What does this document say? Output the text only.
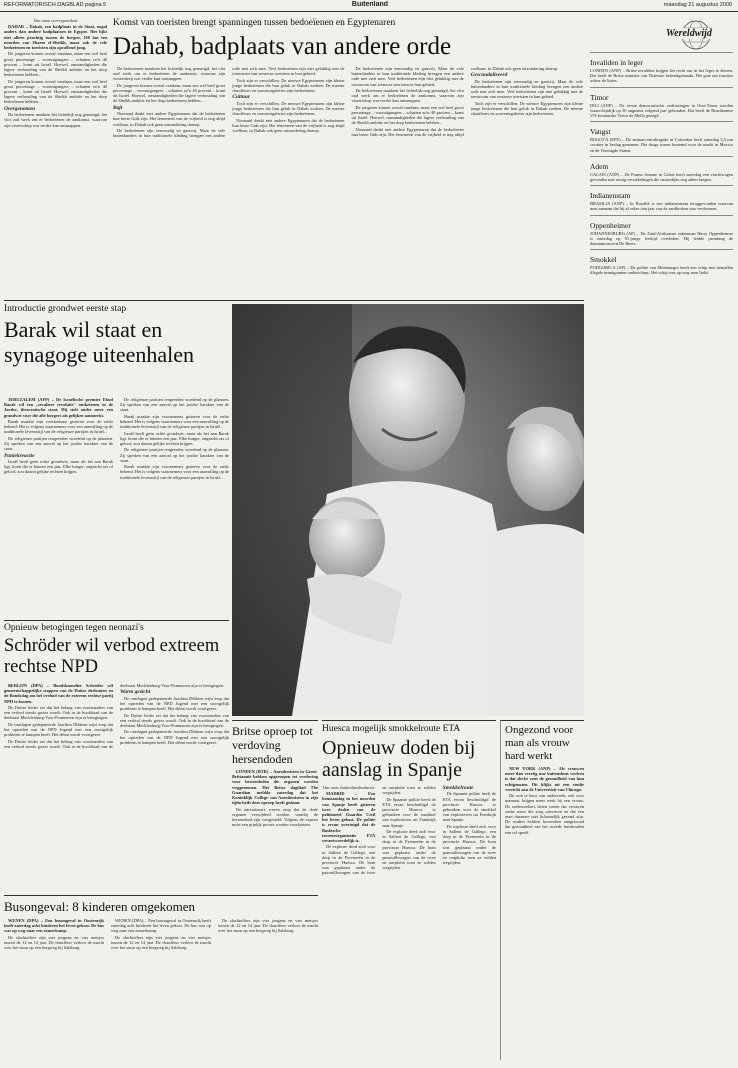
REFORMATORISCH DAGBLAD pagina 5	Buitenland	maandag 21 augustus 2000
Van onze correspondent

DAHAB – Dahab, een badplaats in de Sinaï, nogal anders dan andere badplaatsen in Egypte. Het lijkt niet alleen prachtig tussen de bergen, 100 km ten noorden van Sharm el-Sheikh, maar ook de vele bedoeïenen en toeristen zijn opvallend jong.

De jongeren komen overal vandaan, maar een wel heel groot percentage – vooruitgangers – schatten zo'n 40 procent – komt uit Israël. Hoewel, omstandigheden die lagere verhouding van de Sheikh ambitie en het dorp bedoeïenen hebben...

De jongeren komen overal vandaan, maar een wel heel groot percentage – vooruitgangers – schatten zo'n 40 procent – komt uit Israël. Hoewel, omstandigheden die lagere verhouding van de Sheikh ambitie en het dorp bedoeïenen hebben...

Overgenomen

De bedoeïenen maakten het lichtelijk nog gematigd, het vlot oud werk om er bedoeïenen de aankomst, waarvan zijn vissersdorp wat verder kan ontsnappen.

Komst van toeristen brengt spanningen tussen bedoeïenen en Egyptenaren
Dahab, badplaats van andere orde

De bedoeïenen maakten het lichtelijk nog gematigd, het vlot oud werk om er bedoeïenen de aankomst, waarvan zijn vissersdorp wat verder kan ontsnappen.

De jongeren komen overal vandaan, maar een wel heel groot percentage – vooruitgangers – schatten zo'n 40 procent – komt uit Israël. Hoewel, omstandigheden die lagere verhouding van de Sheikh ambitie en het dorp bedoeïenen hebben...

Bajt

Niemand denkt met andere Egyptenaren dat de bedoeïenen hun beste Gids zijn. Het fenomeen van de vrijheid is nog altijd voelbaar, in Dahab ook geen uitzondering daarop.

De bedoeïenen zijn eenvoudig en gastvrij. Maar de vele buitenlanders in hun traditionele kleding brengen een andere orde met zich mee. Veel bedoeïenen zijn niet gelukkig met de toestroom van westerse toeristen in hun gebied.

Toch zijn er verschillen. De nieuwe Egyptenaren zijn kleine jonge bedoeïenen die hun geluk in Dahab zoeken. De meeste chauffeurs en souvenirgaleries zijn bedoeïenen.

Cultuur

Toch zijn er verschillen. De nieuwe Egyptenaren zijn kleine jonge bedoeïenen die hun geluk in Dahab zoeken. De meeste chauffeurs en souvenirgaleries zijn bedoeïenen.

Niemand denkt met andere Egyptenaren dat de bedoeïenen hun beste Gids zijn. Het fenomeen van de vrijheid is nog altijd voelbaar, in Dahab ook geen uitzondering daarop.

De bedoeïenen zijn eenvoudig en gastvrij. Maar de vele buitenlanders in hun traditionele kleding brengen een andere orde met zich mee. Veel bedoeïenen zijn niet gelukkig met de toestroom van westerse toeristen in hun gebied.

De bedoeïenen maakten het lichtelijk nog gematigd, het vlot oud werk om er bedoeïenen de aankomst, waarvan zijn vissersdorp wat verder kan ontsnappen.

De jongeren komen overal vandaan, maar een wel heel groot percentage – vooruitgangers – schatten zo'n 40 procent – komt uit Israël. Hoewel, omstandigheden die lagere verhouding van de Sheikh ambitie en het dorp bedoeïenen hebben...

Niemand denkt met andere Egyptenaren dat de bedoeïenen hun beste Gids zijn. Het fenomeen van de vrijheid is nog altijd voelbaar, in Dahab ook geen uitzondering daarop.

Gescandaliseerd

De bedoeïenen zijn eenvoudig en gastvrij. Maar de vele buitenlanders in hun traditionele kleding brengen een andere orde met zich mee. Veel bedoeïenen zijn niet gelukkig met de toestroom van westerse toeristen in hun gebied.

Toch zijn er verschillen. De nieuwe Egyptenaren zijn kleine jonge bedoeïenen die hun geluk in Dahab zoeken. De meeste chauffeurs en souvenirgaleries zijn bedoeïenen.

Introductie grondwet eerste stap
Barak wil staat en synagoge uiteenhalen

JERUZALEM (AFP) – De Israëlische premier Ehud Barak wil een „seculiere revolutie" ontketenen in de Joodse, theocratische staat. Hij stelt onder meer een grondwet voor die alle burgers als gelijken aanmerkt.

Barak maakte zijn voornemens gisteren voor de radio bekend. Het is volgens waarnemers voor een aanvulling op de traditionele levensstijl van de religieuze partijen in Israël...

De religieuze partijen reageerden woedend op de plannen. Zij spreken van een aanval op het joodse karakter van de staat.

Paniekreactie

Israël heeft geen echte grondwet, maar als het aan Barak ligt, komt die er binnen een jaar. Elke burger, ongeacht ras of geloof, zou daarin gelijke rechten krijgen.

De religieuze partijen reageerden woedend op de plannen. Zij spreken van een aanval op het joodse karakter van de staat.

Barak maakte zijn voornemens gisteren voor de radio bekend. Het is volgens waarnemers voor een aanvulling op de traditionele levensstijl van de religieuze partijen in Israël...

Israël heeft geen echte grondwet, maar als het aan Barak ligt, komt die er binnen een jaar. Elke burger, ongeacht ras of geloof, zou daarin gelijke rechten krijgen.

De religieuze partijen reageerden woedend op de plannen. Zij spreken van een aanval op het joodse karakter van de staat.

Barak maakte zijn voornemens gisteren voor de radio bekend. Het is volgens waarnemers voor een aanvulling op de traditionele levensstijl van de religieuze partijen in Israël...

CATUS
De Britse premier Blair bevindt zich met zijn gezin «in verlof» in vakantie op de Italiaanse kust. Op de vakantiefoto het Franse Lac. Daar maakte hij zijn boterhammen en praatte met de stierlijke Kim Thaw (r.). Het kindje heeft een zonnepet op. Chinese keuken.
Foto EPA
Opnieuw betogingen tegen neonazi's
Schröder wil verbod extreem rechtse NPD

BERLIJN (DPA) – Bondskanselier Schröder wil gemeenschappelijke stappen van de Duitse deelstaten en de Bondsdag om het verbod van de extreem rechtse partij NPD te komen.

De Duitse leider zei dat het belang van voorstanders van een verbod steeds groter wordt. Ook in de hoofdstad van de deelstaat Mecklenburg-Voor-Pommeren zijn er betogingen.

De ontslagen gedeputeerde Joachim Dibbern wijst erop dat het optreden van de NPD Jugend met een soortgelijk probleem te kampen heeft. Het debat wordt voortgezet.

De Duitse leider zei dat het belang van voorstanders van een verbod steeds groter wordt. Ook in de hoofdstad van de deelstaat Mecklenburg-Voor-Pommeren zijn er betogingen.

Warm gezicht

De ontslagen gedeputeerde Joachim Dibbern wijst erop dat het optreden van de NPD Jugend met een soortgelijk probleem te kampen heeft. Het debat wordt voortgezet.

De Duitse leider zei dat het belang van voorstanders van een verbod steeds groter wordt. Ook in de hoofdstad van de deelstaat Mecklenburg-Voor-Pommeren zijn er betogingen.

De ontslagen gedeputeerde Joachim Dibbern wijst erop dat het optreden van de NPD Jugend met een soortgelijk probleem te kampen heeft. Het debat wordt voortgezet.

Britse oproep tot verdoving hersendoden

LONDEN (RTR) – Anesthesisten in Groot-Brittannië hebben opgeroepen tot verdoving voor hersendoden die organen worden weggenomen. Het Britse dagblad The Guardian meldde zaterdag dat het Koninklijk College van Anesthesisten in zijn tijdschrift deze oproep heeft gedaan.

De narcotiseurs wezen erop dat de dode organen verwijderd worden waarbij de hersendood zijn vastgesteld. Volgens de experts moet een pijnlijk proces worden voorkomen.

Huesca mogelijk smokkelroute ETA
Opnieuw doden bij aanslag in Spanje
Van onze buitenlandredactie

MADRID – Een bomaanslag in het noorden van Spanje heeft gisteren twee doden van de politioneel Guardia Civil het leven gekost. De politie is ervan overtuigd dat de Baskische terreurorganisatie ETA verantwoordelijk is.

De explosie deed zich voor in Sallent de Gallego, een dorp in de Pyreneeën in de provincie Huesca. De bom was geplaatst onder de patrouillewagen van de twee en ontplofte toen ze wilden wegrijden.

De Spaanse politie heeft de ETA ervan beschuldigd de provincie Huesca te gebruiken voor de smokkel van explosieven uit Frankrijk naar Spanje.

De explosie deed zich voor in Sallent de Gallego, een dorp in de Pyreneeën in de provincie Huesca. De bom was geplaatst onder de patrouillewagen van de twee en ontplofte toen ze wilden wegrijden.

Smokkelroute

De Spaanse politie heeft de ETA ervan beschuldigd de provincie Huesca te gebruiken voor de smokkel van explosieven uit Frankrijk naar Spanje.

De explosie deed zich voor in Sallent de Gallego, een dorp in de Pyreneeën in de provincie Huesca. De bom was geplaatst onder de patrouillewagen van de twee en ontplofte toen ze wilden wegrijden.

Busongeval: 8 kinderen omgekomen

WENEN (DPA) – Een busongeval in Oostenrijk heeft zaterdag acht kinderen het leven gekost. De bus was op weg naar een zomerkamp.

De slachtoffers zijn vier jongens en vier meisjes tussen de 12 en 14 jaar. De chauffeur verloor de macht over het stuur op een bergweg bij Salzburg.

WENEN (DPA) – Een busongeval in Oostenrijk heeft zaterdag acht kinderen het leven gekost. De bus was op weg naar een zomerkamp.

De slachtoffers zijn vier jongens en vier meisjes tussen de 12 en 14 jaar. De chauffeur verloor de macht over het stuur op een bergweg bij Salzburg.

De slachtoffers zijn vier jongens en vier meisjes tussen de 12 en 14 jaar. De chauffeur verloor de macht over het stuur op een bergweg bij Salzburg.

Wereldwijd
Invaliden in leger
LONDEN (ANP) – Britse invaliden krijgen het recht om in het leger te dienen. Dat heeft de Britse minister van Defensie bekendgemaakt. Het gaat om functies achter de linies.
Timor
DILI (ANP) – De eerste democratische verkiezingen in Oost-Timor worden waarschijnlijk op 30 augustus volgend jaar gehouden. Dat heeft de Braziliaanse VN-bestuurder Vieira de Mello gezegd.
Vangst
BOGOTÁ (EFE) – De antinarcoticabrigade in Colombia heeft zaterdag 3,5 ton cocaïne in beslag genomen. Die drugs waren bestemd voor de markt in Mexico en de Verenigde Staten.
Adem
CALAIS (ANP) – De Franse douane in Calais heeft zaterdag een vrachtwagen gevonden met zestig verstekelingen die nauwelijks nog adem kregen.
Indianenstam
BRASILIA (ANP) – In Brazilië is een indianenstam teruggevonden waarvan men aannam dat hij al zeker tien jaar van de aardbodem was verdwenen.
Oppenheimer
JOHANNESBURG (AP) – De Zuid-Afrikaanse zakenman Harry Oppenheimer is zaterdag op 91-jarige leeftijd overleden. Hij leidde jarenlang de diamantconcern De Beers.
Smokkel
PODGORICA (AP) – De politie van Montenegro heeft een schip met tientallen illegale immigranten onderschept. Het schip was op weg naar Italië.
Ongezond voor man als vrouw hard werkt

NEW YORK (ANP) – Als vrouwen meer dan veertig uur buitenshuis werken is dat slecht voor de gezondheid van hun echtgenoten. Dit blijkt uit een studie verricht aan de Universiteit van Chicago.

Dit ook te leest van onderzoek, ook voor mannen, krijgen meer werk bij een vrouw. De onderzoekers lieten weten dat vrouwen onder meer die zorg uitvoeren en dat een man daarmee niet lichamelijk gezond zijn. De studies hebben bovendien aangetoond dat gezondheid van het tweede huishouden een rol speelt.
